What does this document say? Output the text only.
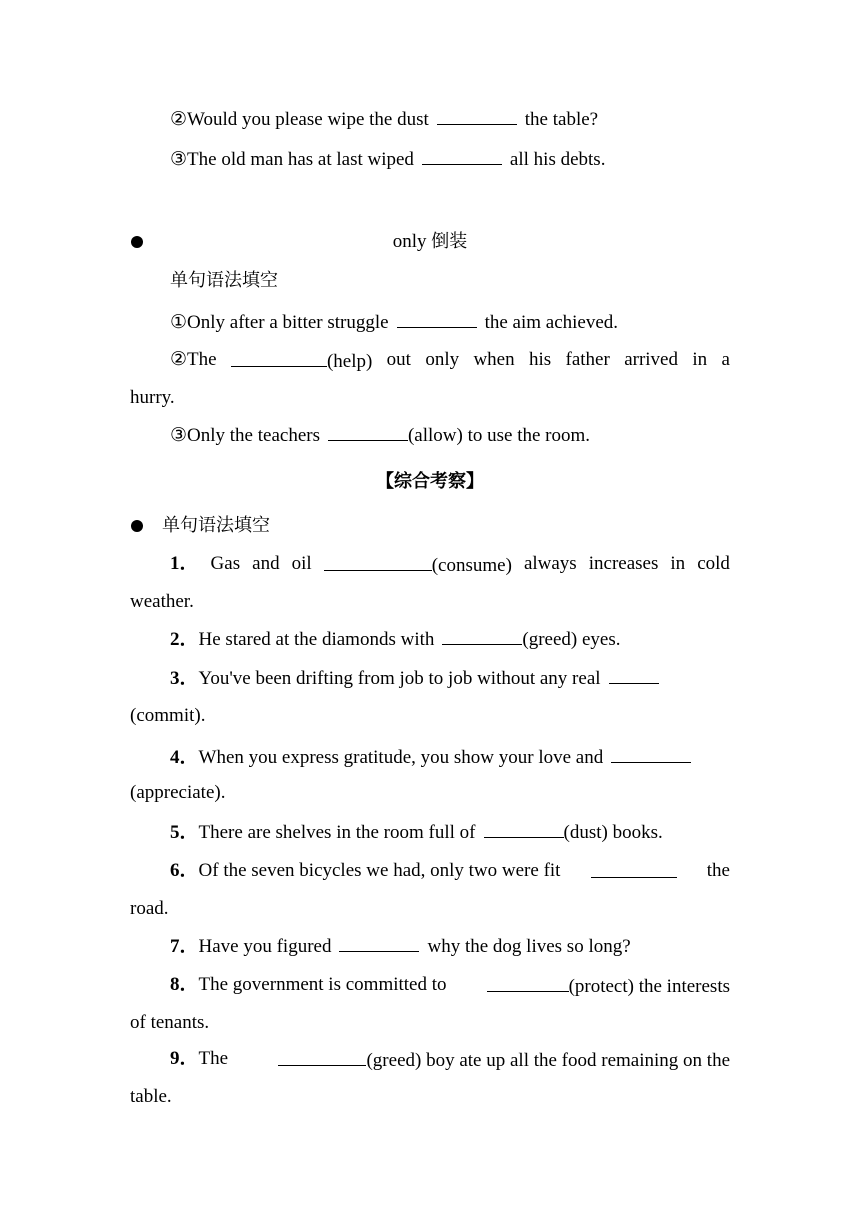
②Would you please wipe the dust	the table?
③The old man has at last wiped	all his debts.
only 倒装
单句语法填空
①Only after a bitter struggle	the aim achieved.
②The	(help) out only when his father arrived in a
hurry.
③Only the teachers	(allow) to use the room.
【综合考察】
单句语法填空
1． Gas and oil	(consume) always increases in cold
weather.
2．He stared at the diamonds with	(greed) eyes.
3．You've been drifting from job to job without any real
(commit).
4．When you express gratitude, you show your love and
(appreciate).
5．There are shelves in the room full of	(dust) books.
6．Of the seven bicycles we had, only two were fit	the
road.
7．Have you figured	why the dog lives so long?
8．The government is committed to	(protect) the interests
of tenants.
9．The	(greed) boy ate up all the food remaining on the
table.
